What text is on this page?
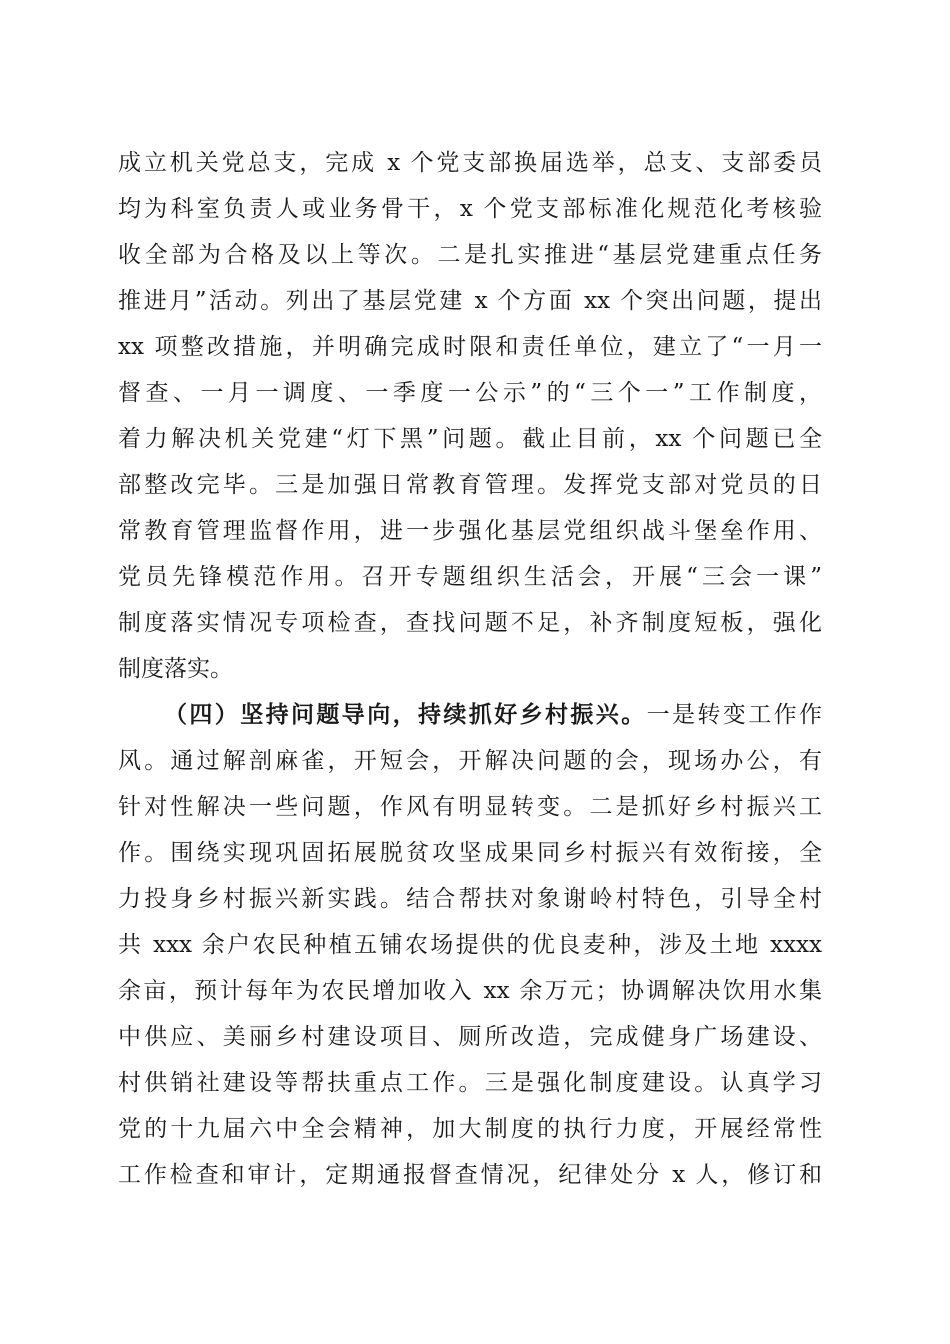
成立机关党总支，完成 x 个党支部换届选举，总支、支部委员
均为科室负责人或业务骨干，x 个党支部标准化规范化考核验
收全部为合格及以上等次。二是扎实推进“基层党建重点任务
推进月”活动。列出了基层党建 x 个方面 xx 个突出问题，提出
xx 项整改措施，并明确完成时限和责任单位，建立了“一月一
督查、一月一调度、一季度一公示”的“三个一”工作制度，
着力解决机关党建“灯下黑”问题。截止目前，xx 个问题已全
部整改完毕。三是加强日常教育管理。发挥党支部对党员的日
常教育管理监督作用，进一步强化基层党组织战斗堡垒作用、
党员先锋模范作用。召开专题组织生活会，开展“三会一课”
制度落实情况专项检查，查找问题不足，补齐制度短板，强化
制度落实。
（四）坚持问题导向，持续抓好乡村振兴。一是转变工作作
风。通过解剖麻雀，开短会，开解决问题的会，现场办公，有
针对性解决一些问题，作风有明显转变。二是抓好乡村振兴工
作。围绕实现巩固拓展脱贫攻坚成果同乡村振兴有效衔接，全
力投身乡村振兴新实践。结合帮扶对象谢岭村特色，引导全村
共 xxx 余户农民种植五铺农场提供的优良麦种，涉及土地 xxxx
余亩，预计每年为农民增加收入 xx 余万元；协调解决饮用水集
中供应、美丽乡村建设项目、厕所改造，完成健身广场建设、
村供销社建设等帮扶重点工作。三是强化制度建设。认真学习
党的十九届六中全会精神，加大制度的执行力度，开展经常性
工作检查和审计，定期通报督查情况，纪律处分 x 人，修订和
